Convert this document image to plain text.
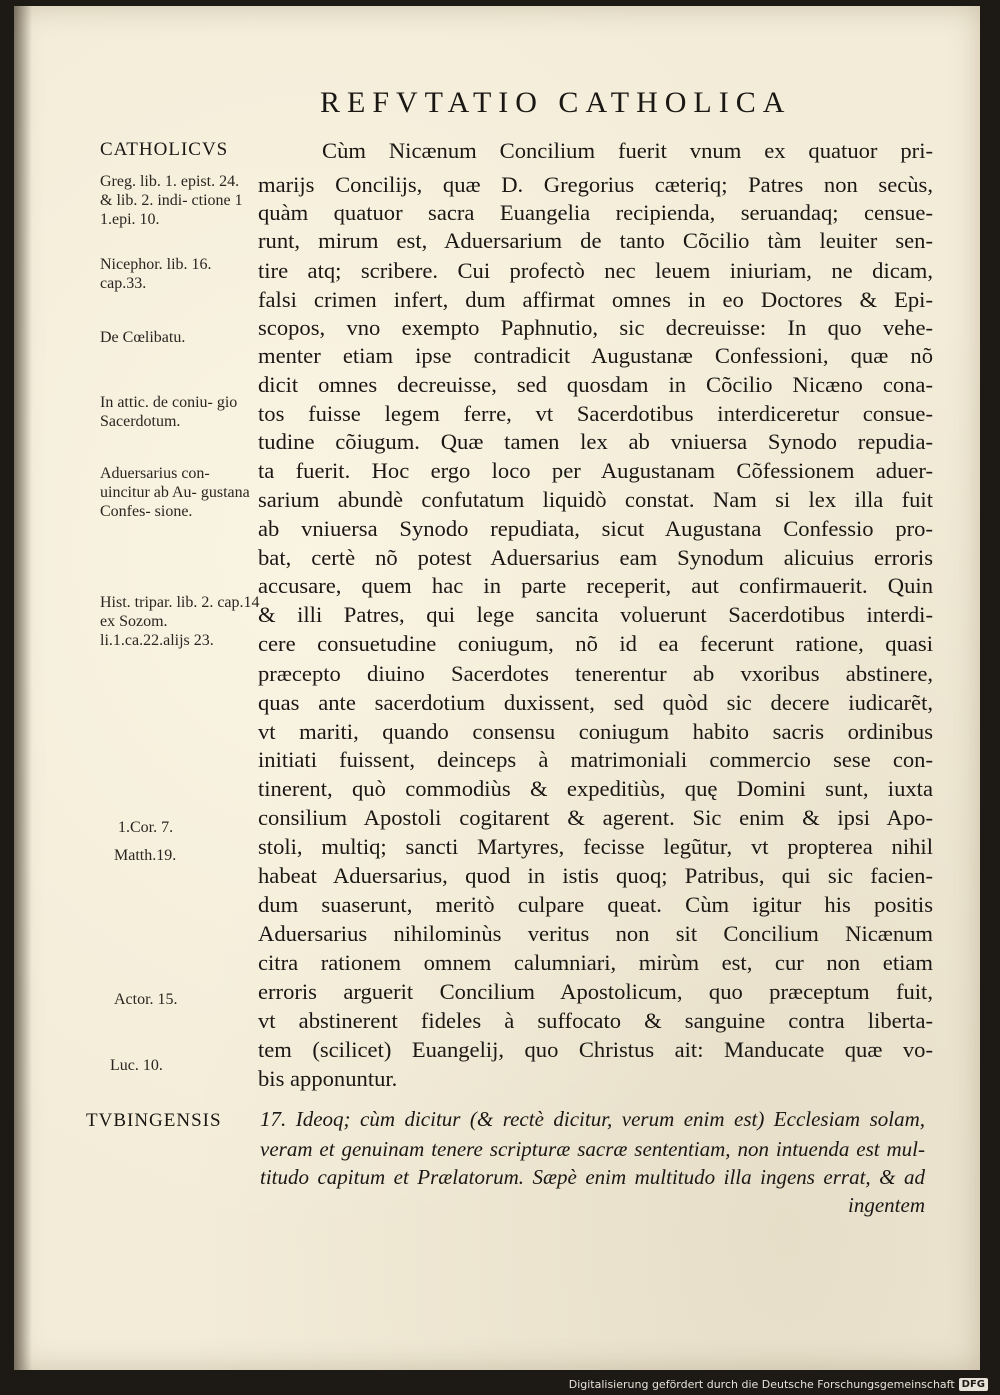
REFVTATIO CATHOLICA
CATHOLICVS
Greg. lib. 1. epist. 24. & lib. 2. indi- ctione 1 1.epi. 10.
Nicephor. lib. 16. cap.33.
De Cœlibatu.
In attic. de coniu- gio Sacerdotum.
Aduersarius con- uincitur ab Au- gustana Confes- sione.
Hist. tripar. lib. 2. cap.14 ex Sozom. li.1.ca.22.alijs 23.
1.Cor. 7.
Matth.19.
Actor. 15.
Luc. 10.
Cùm Nicænum Concilium fuerit vnum ex quatuor pri-
marijs Concilijs, quæ D. Gregorius cæteriq; Patres non secùs,
quàm quatuor sacra Euangelia recipienda, seruandaq; censue-
runt, mirum est, Aduersarium de tanto Cõcilio tàm leuiter sen-
tire atq; scribere. Cui profectò nec leuem iniuriam, ne dicam,
falsi crimen infert, dum affirmat omnes in eo Doctores & Epi-
scopos, vno exempto Paphnutio, sic decreuisse: In quo vehe-
menter etiam ipse contradicit Augustanæ Confessioni, quæ nõ
dicit omnes decreuisse, sed quosdam in Cõcilio Nicæno cona-
tos fuisse legem ferre, vt Sacerdotibus interdiceretur consue-
tudine cõiugum. Quæ tamen lex ab vniuersa Synodo repudia-
ta fuerit. Hoc ergo loco per Augustanam Cõfessionem aduer-
sarium abundè confutatum liquidò constat. Nam si lex illa fuit
ab vniuersa Synodo repudiata, sicut Augustana Confessio pro-
bat, certè nõ potest Aduersarius eam Synodum alicuius erroris
accusare, quem hac in parte receperit, aut confirmauerit. Quin
& illi Patres, qui lege sancita voluerunt Sacerdotibus interdi-
cere consuetudine coniugum, nõ id ea fecerunt ratione, quasi
præcepto diuino Sacerdotes tenerentur ab vxoribus abstinere,
quas ante sacerdotium duxissent, sed quòd sic decere iudicarẽt,
vt mariti, quando consensu coniugum habito sacris ordinibus
initiati fuissent, deinceps à matrimoniali commercio sese con-
tinerent, quò commodiùs & expeditiùs, quę Domini sunt, iuxta
consilium Apostoli cogitarent & agerent. Sic enim & ipsi Apo-
stoli, multiq; sancti Martyres, fecisse legũtur, vt propterea nihil
habeat Aduersarius, quod in istis quoq; Patribus, qui sic facien-
dum suaserunt, meritò culpare queat. Cùm igitur his positis
Aduersarius nihilominùs veritus non sit Concilium Nicænum
citra rationem omnem calumniari, mirùm est, cur non etiam
erroris arguerit Concilium Apostolicum, quo præceptum fuit,
vt abstinerent fideles à suffocato & sanguine contra liberta-
tem (scilicet) Euangelij, quo Christus ait: Manducate quæ vo-
bis apponuntur.
TVBINGENSIS 17. Ideoq; cùm dicitur (& rectè dicitur, verum enim est) Ecclesiam solam,
veram et genuinam tenere scripturæ sacræ sententiam, non intuenda est mul-
titudo capitum et Prælatorum. Sæpè enim multitudo illa ingens errat, & ad
ingentem
Digitalisierung gefördert durch die Deutsche Forschungsgemeinschaft DFG
